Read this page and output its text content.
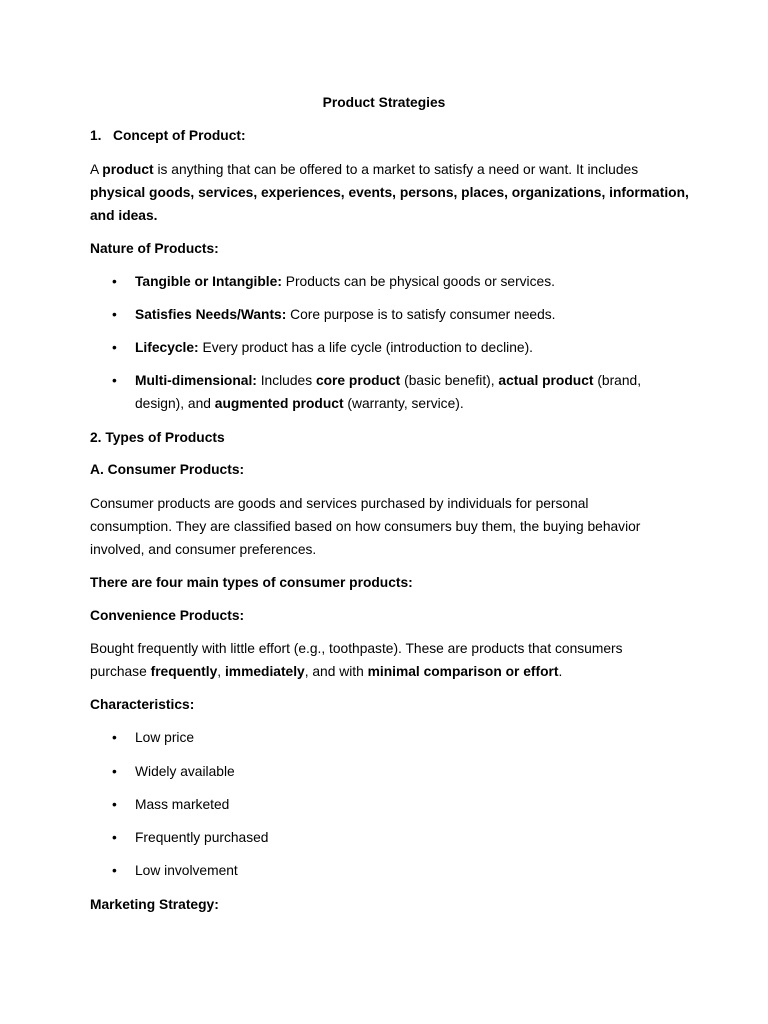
Product Strategies
1. Concept of Product:
A product is anything that can be offered to a market to satisfy a need or want. It includes
physical goods, services, experiences, events, persons, places, organizations, information,
and ideas.
Nature of Products:
•	Tangible or Intangible: Products can be physical goods or services.
•	Satisfies Needs/Wants: Core purpose is to satisfy consumer needs.
•	Lifecycle: Every product has a life cycle (introduction to decline).
•	Multi-dimensional: Includes core product (basic benefit), actual product (brand,
design), and augmented product (warranty, service).
2. Types of Products
A. Consumer Products:
Consumer products are goods and services purchased by individuals for personal
consumption. They are classified based on how consumers buy them, the buying behavior
involved, and consumer preferences.
There are four main types of consumer products:
Convenience Products:
Bought frequently with little effort (e.g., toothpaste). These are products that consumers
purchase frequently, immediately, and with minimal comparison or effort.
Characteristics:
•	Low price
•	Widely available
•	Mass marketed
•	Frequently purchased
•	Low involvement
Marketing Strategy:
